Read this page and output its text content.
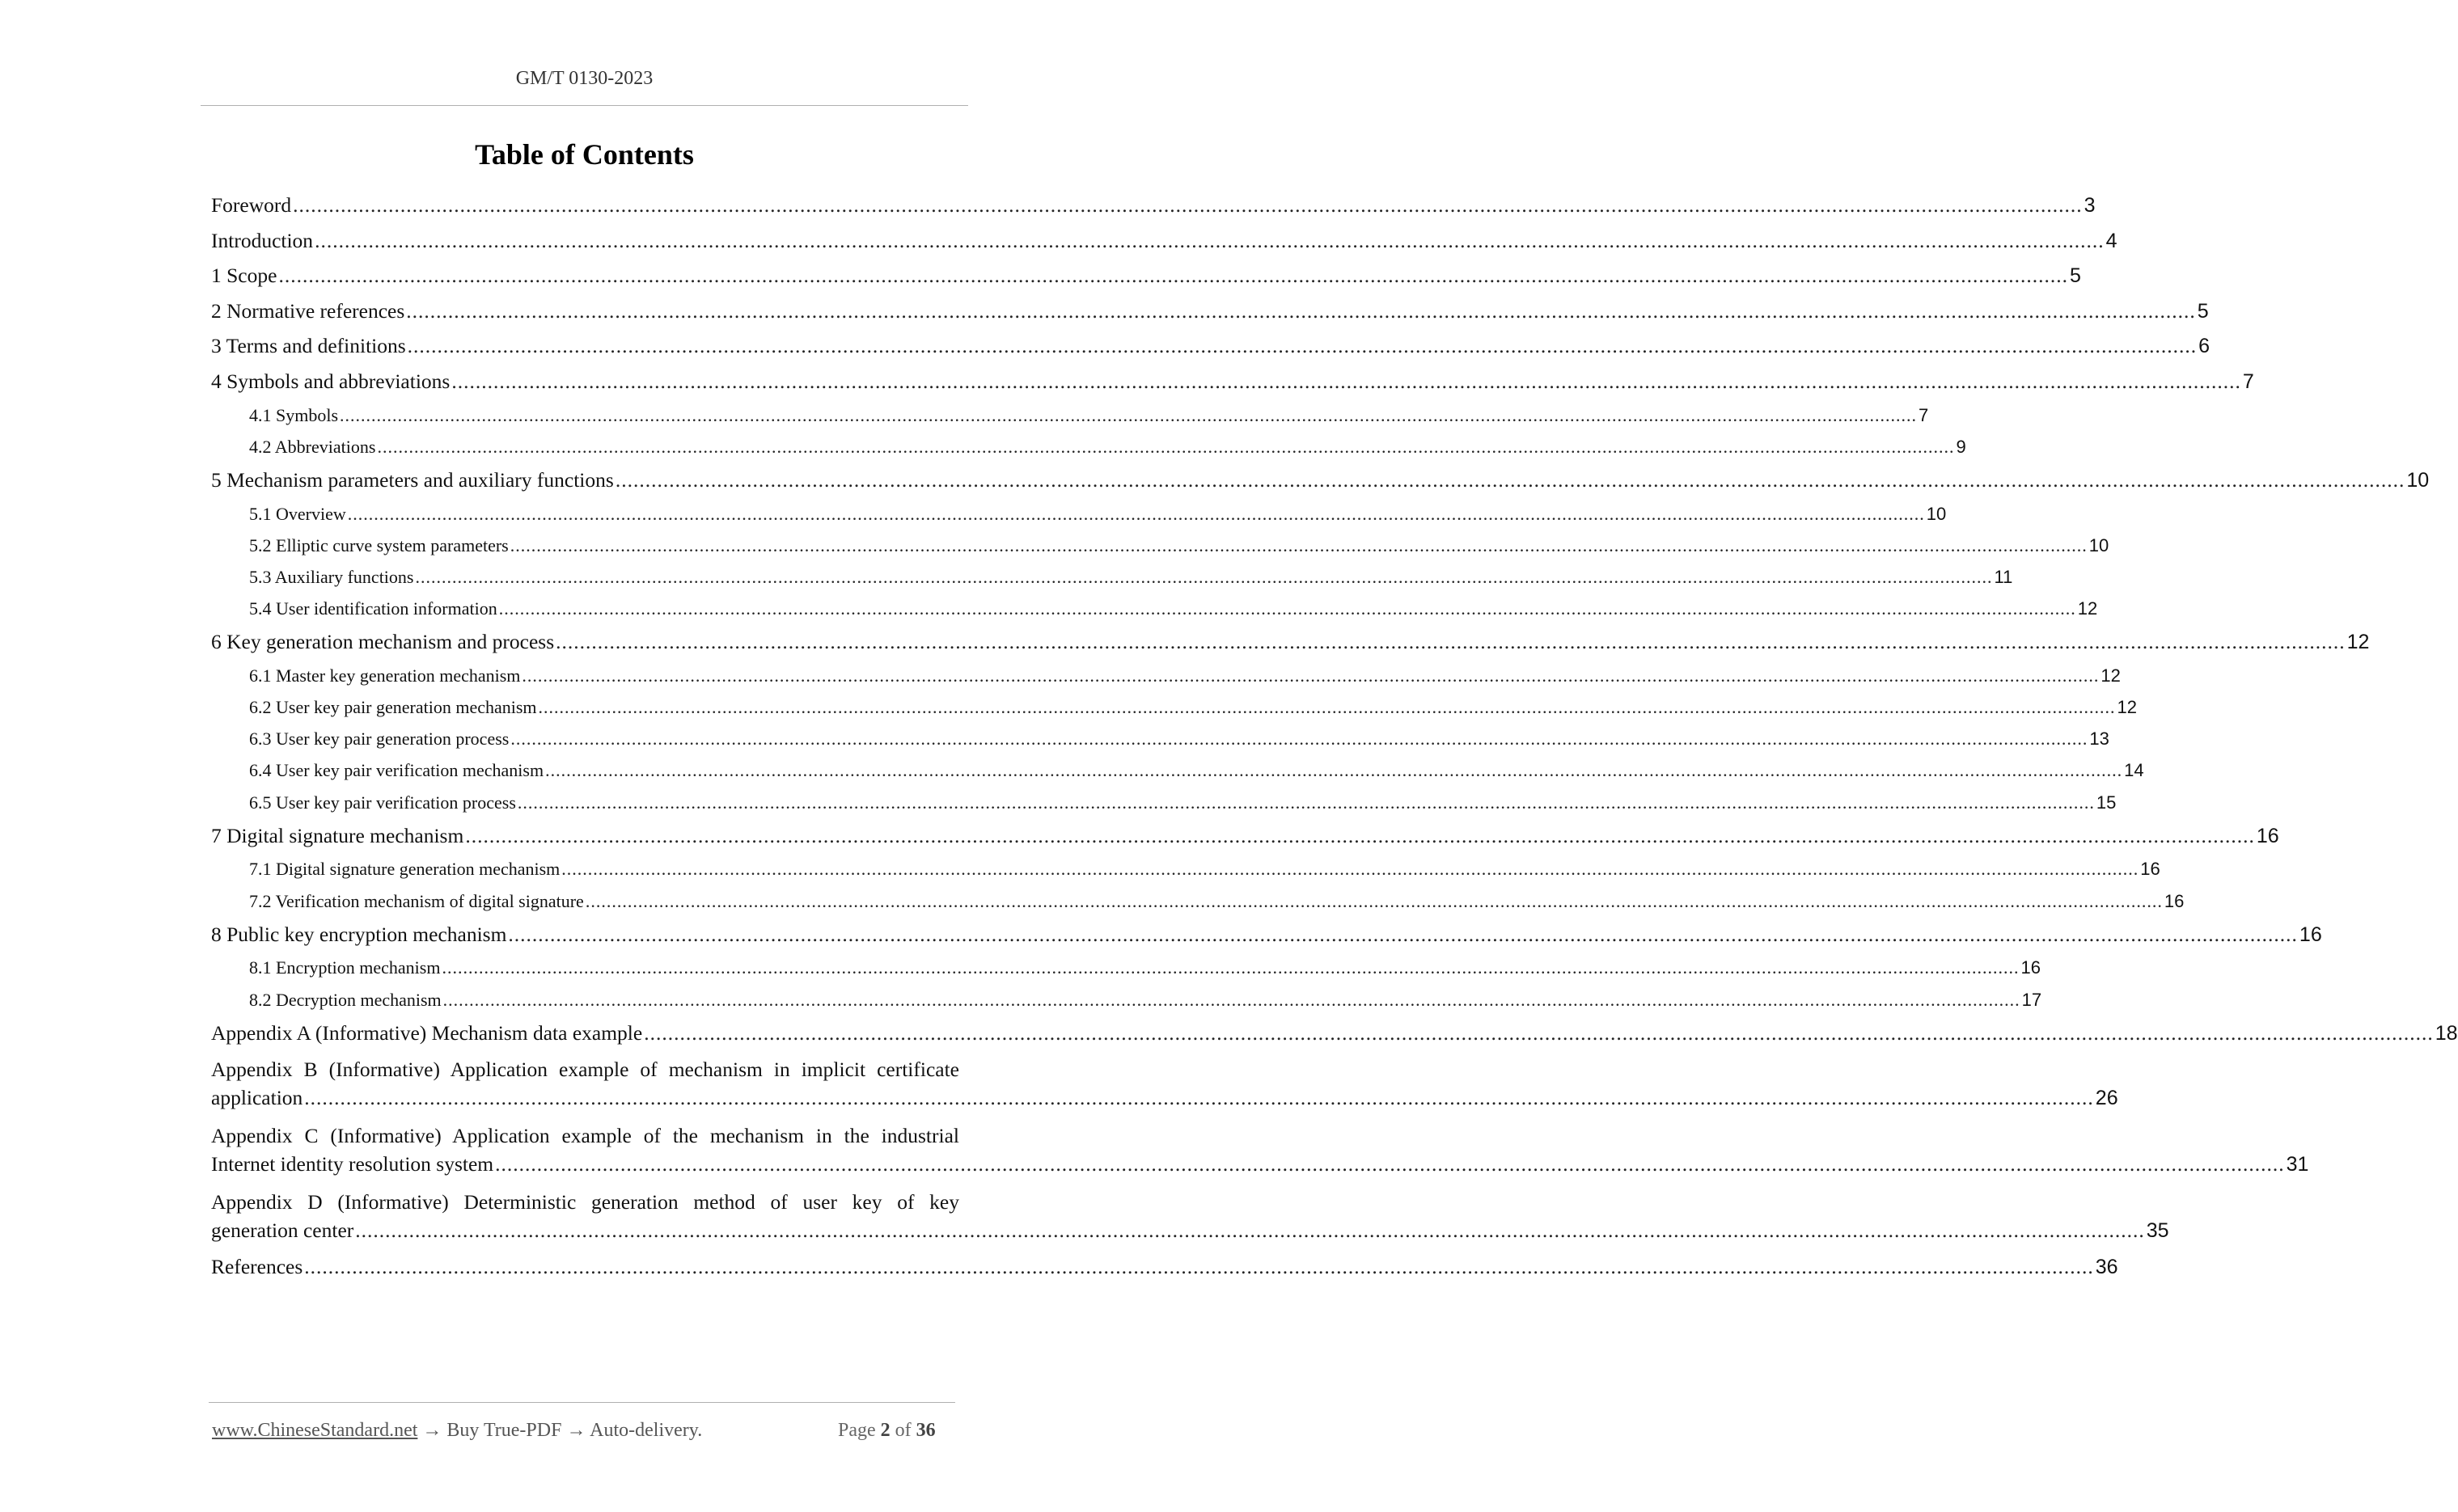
GM/T 0130-2023
Table of Contents
Foreword ............................................................................................................................................................................................................................................................................................................ 3
Introduction ............................................................................................................................................................................................................................................................................................................ 4
1 Scope ............................................................................................................................................................................................................................................................................................................ 5
2 Normative references ............................................................................................................................................................................................................................................................................................................ 5
3 Terms and definitions ............................................................................................................................................................................................................................................................................................................ 6
4 Symbols and abbreviations ............................................................................................................................................................................................................................................................................................................ 7
4.1 Symbols ............................................................................................................................................................................................................................................................................................................ 7
4.2 Abbreviations ............................................................................................................................................................................................................................................................................................................ 9
5 Mechanism parameters and auxiliary functions ............................................................................................................................................................................................................................................................................................................ 10
5.1 Overview ............................................................................................................................................................................................................................................................................................................ 10
5.2 Elliptic curve system parameters ............................................................................................................................................................................................................................................................................................................ 10
5.3 Auxiliary functions ............................................................................................................................................................................................................................................................................................................ 11
5.4 User identification information ............................................................................................................................................................................................................................................................................................................ 12
6 Key generation mechanism and process ............................................................................................................................................................................................................................................................................................................ 12
6.1 Master key generation mechanism ............................................................................................................................................................................................................................................................................................................ 12
6.2 User key pair generation mechanism ............................................................................................................................................................................................................................................................................................................ 12
6.3 User key pair generation process ............................................................................................................................................................................................................................................................................................................ 13
6.4 User key pair verification mechanism ............................................................................................................................................................................................................................................................................................................ 14
6.5 User key pair verification process ............................................................................................................................................................................................................................................................................................................ 15
7 Digital signature mechanism ............................................................................................................................................................................................................................................................................................................ 16
7.1 Digital signature generation mechanism ............................................................................................................................................................................................................................................................................................................ 16
7.2 Verification mechanism of digital signature ............................................................................................................................................................................................................................................................................................................ 16
8 Public key encryption mechanism ............................................................................................................................................................................................................................................................................................................ 16
8.1 Encryption mechanism ............................................................................................................................................................................................................................................................................................................ 16
8.2 Decryption mechanism ............................................................................................................................................................................................................................................................................................................ 17
Appendix A (Informative) Mechanism data example ............................................................................................................................................................................................................................................................................................................ 18
Appendix B (Informative) Application example of mechanism in implicit certificate
application ............................................................................................................................................................................................................................................................................................................ 26
Appendix C (Informative) Application example of the mechanism in the industrial
Internet identity resolution system ............................................................................................................................................................................................................................................................................................................ 31
Appendix D (Informative) Deterministic generation method of user key of key
generation center ............................................................................................................................................................................................................................................................................................................ 35
References ............................................................................................................................................................................................................................................................................................................ 36
www.ChineseStandard.net → Buy True-PDF → Auto-delivery.	Page 2 of 36
